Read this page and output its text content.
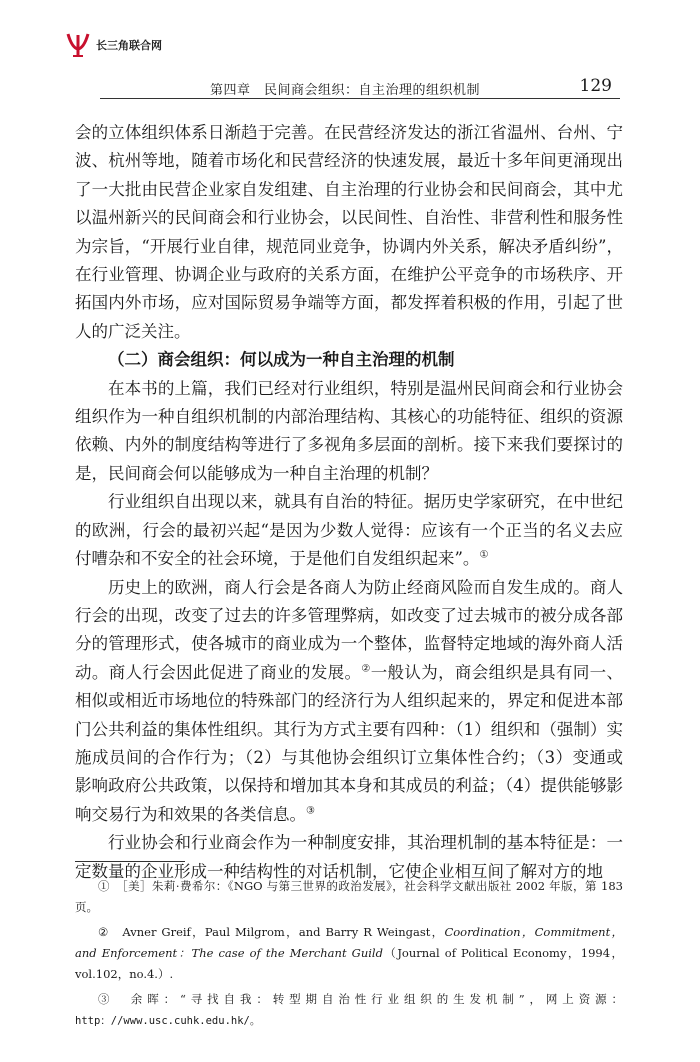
长三角联合网
第四章　民间商会组织：自主治理的组织机制	129

会的立体组织体系日渐趋于完善。在民营经济发达的浙江省温州、台州、宁波、杭州等地，随着市场化和民营经济的快速发展，最近十多年间更涌现出了一大批由民营企业家自发组建、自主治理的行业协会和民间商会，其中尤以温州新兴的民间商会和行业协会，以民间性、自治性、非营利性和服务性为宗旨，“开展行业自律，规范同业竞争，协调内外关系，解决矛盾纠纷”，在行业管理、协调企业与政府的关系方面，在维护公平竞争的市场秩序、开拓国内外市场，应对国际贸易争端等方面，都发挥着积极的作用，引起了世人的广泛关注。

（二）商会组织：何以成为一种自主治理的机制

在本书的上篇，我们已经对行业组织，特别是温州民间商会和行业协会组织作为一种自组织机制的内部治理结构、其核心的功能特征、组织的资源依赖、内外的制度结构等进行了多视角多层面的剖析。接下来我们要探讨的是，民间商会何以能够成为一种自主治理的机制？

行业组织自出现以来，就具有自治的特征。据历史学家研究，在中世纪的欧洲，行会的最初兴起“是因为少数人觉得：应该有一个正当的名义去应付嘈杂和不安全的社会环境，于是他们自发组织起来”。①

历史上的欧洲，商人行会是各商人为防止经商风险而自发生成的。商人行会的出现，改变了过去的许多管理弊病，如改变了过去城市的被分成各部分的管理形式，使各城市的商业成为一个整体，监督特定地域的海外商人活动。商人行会因此促进了商业的发展。②一般认为，商会组织是具有同一、相似或相近市场地位的特殊部门的经济行为人组织起来的，界定和促进本部门公共利益的集体性组织。其行为方式主要有四种：（1）组织和（强制）实施成员间的合作行为；（2）与其他协会组织订立集体性合约；（3）变通或影响政府公共政策，以保持和增加其本身和其成员的利益；（4）提供能够影响交易行为和效果的各类信息。③

行业协会和行业商会作为一种制度安排，其治理机制的基本特征是：一定数量的企业形成一种结构性的对话机制，它使企业相互间了解对方的地

①　［美］朱莉·费希尔：《NGO 与第三世界的政治发展》，社会科学文献出版社 2002 年版，第 183 页。

②　Avner Greif，Paul Milgrom，and Barry R Weingast，Coordination，Commitment，and Enforcement：The case of the Merchant Guild（Journal of Political Economy，1994，vol.102，no.4.）.

③　余晖：“寻找自我：转型期自治性行业组织的生发机制”，网上资源：http：//www.usc.cuhk.edu.hk/。
